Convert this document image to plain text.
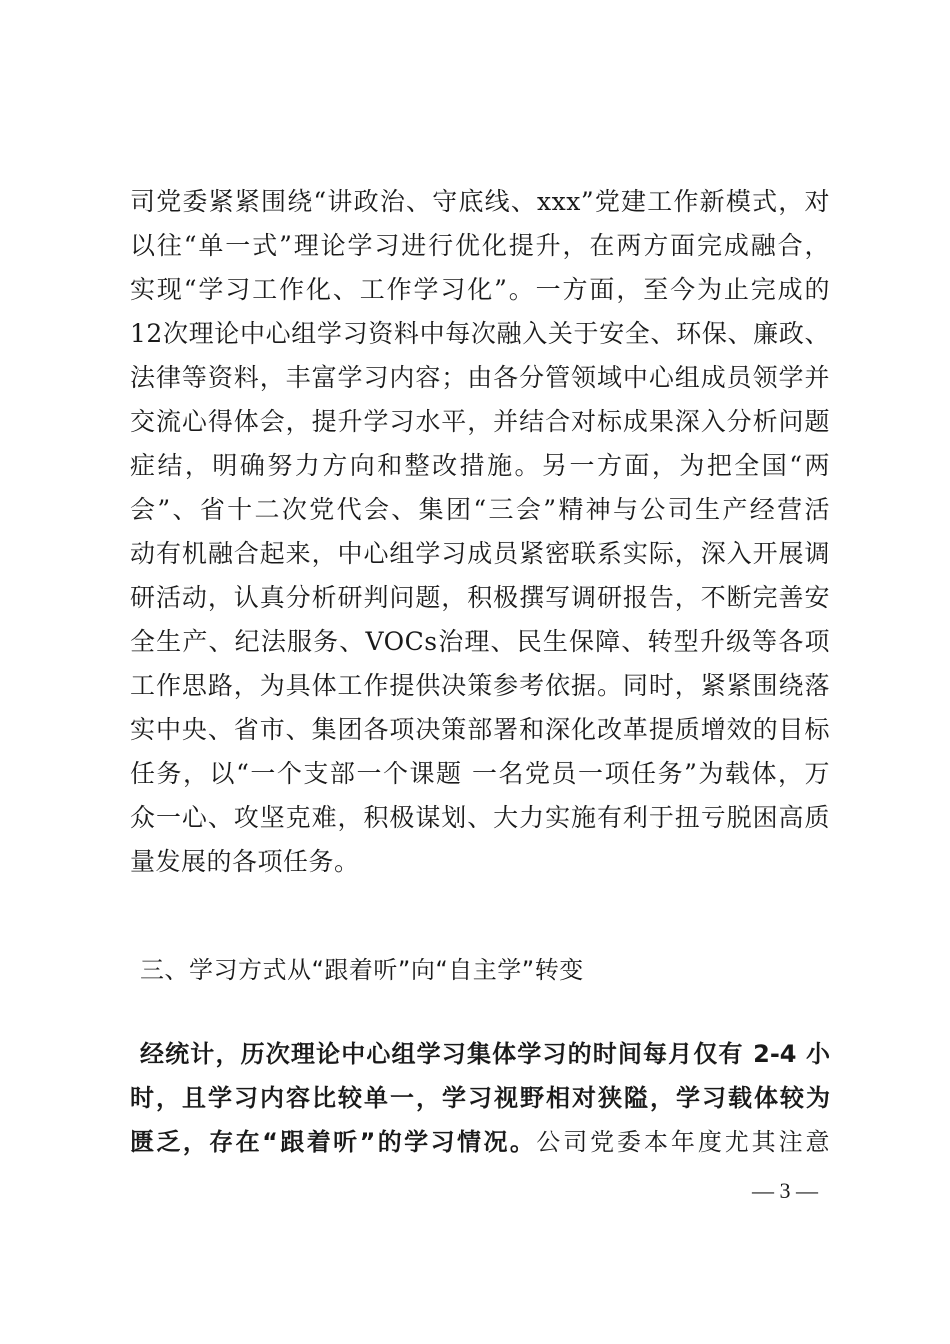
司党委紧紧围绕“讲政治、守底线、xxx”党建工作新模式，对
以往“单一式”理论学习进行优化提升，在两方面完成融合，
实现“学习工作化、工作学习化”。一方面，至今为止完成的
12次理论中心组学习资料中每次融入关于安全、环保、廉政、
法律等资料，丰富学习内容；由各分管领域中心组成员领学并
交流心得体会，提升学习水平，并结合对标成果深入分析问题
症结，明确努力方向和整改措施。另一方面，为把全国“两
会”、省十二次党代会、集团“三会”精神与公司生产经营活
动有机融合起来，中心组学习成员紧密联系实际，深入开展调
研活动，认真分析研判问题，积极撰写调研报告，不断完善安
全生产、纪法服务、VOCs治理、民生保障、转型升级等各项
工作思路，为具体工作提供决策参考依据。同时，紧紧围绕落
实中央、省市、集团各项决策部署和深化改革提质增效的目标
任务，以“一个支部一个课题 一名党员一项任务”为载体，万
众一心、攻坚克难，积极谋划、大力实施有利于扭亏脱困高质
量发展的各项任务。
三、学习方式从“跟着听”向“自主学”转变
经统计，历次理论中心组学习集体学习的时间每月仅有 2-4 小
时，且学习内容比较单一，学习视野相对狭隘，学习载体较为
匮乏，存在“跟着听”的学习情况。公司党委本年度尤其注意
— 3 —
